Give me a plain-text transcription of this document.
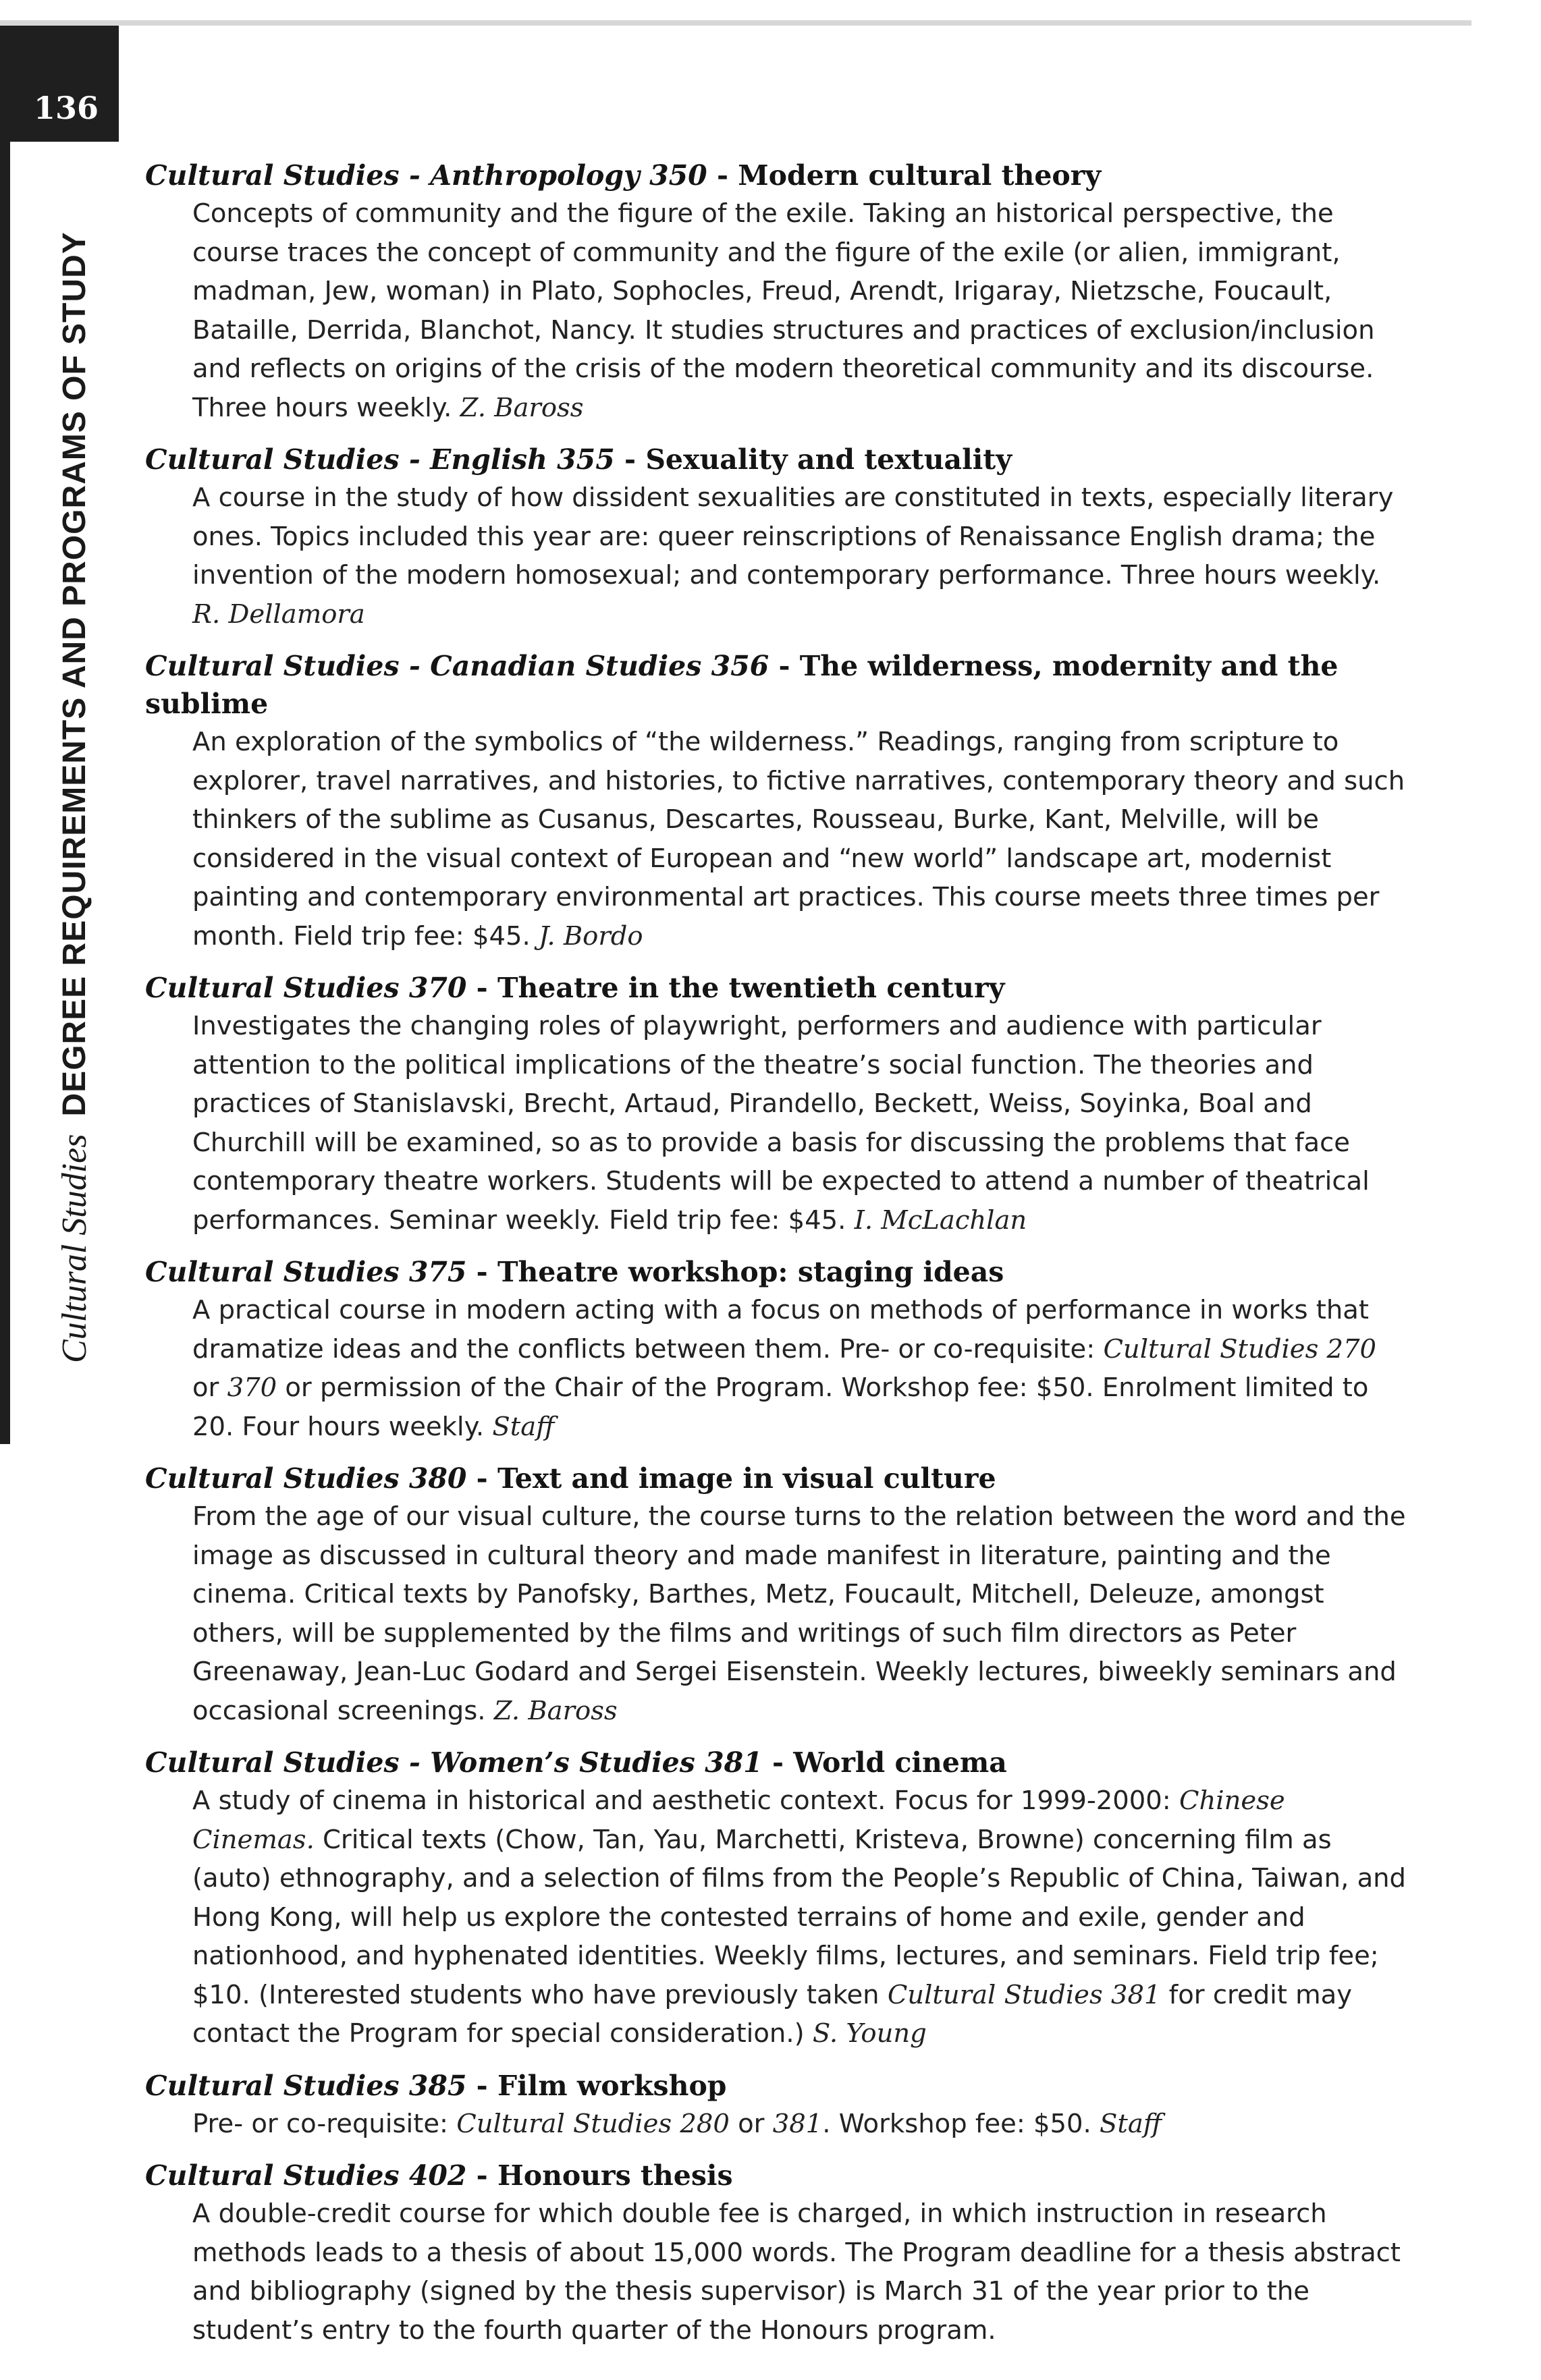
136
Cultural Studies
DEGREE REQUIREMENTS AND PROGRAMS OF STUDY
Cultural Studies - Anthropology 350 - Modern cultural theory
Concepts of community and the figure of the exile. Taking an historical perspective, the course traces the concept of community and the figure of the exile (or alien, immigrant, madman, Jew, woman) in Plato, Sophocles, Freud, Arendt, Irigaray, Nietzsche, Foucault, Bataille, Derrida, Blanchot, Nancy. It studies structures and practices of exclusion/inclusion and reflects on origins of the crisis of the modern theoretical community and its discourse. Three hours weekly. Z. Baross
Cultural Studies - English 355 - Sexuality and textuality
A course in the study of how dissident sexualities are constituted in texts, especially literary ones. Topics included this year are: queer reinscriptions of Renaissance English drama; the invention of the modern homosexual; and contemporary performance. Three hours weekly. R. Dellamora
Cultural Studies - Canadian Studies 356 - The wilderness, modernity and the sublime
An exploration of the symbolics of “the wilderness.” Readings, ranging from scripture to explorer, travel narratives, and histories, to fictive narratives, contemporary theory and such thinkers of the sublime as Cusanus, Descartes, Rousseau, Burke, Kant, Melville, will be considered in the visual context of European and “new world” landscape art, modernist painting and contemporary environmental art practices. This course meets three times per month. Field trip fee: $45. J. Bordo
Cultural Studies 370 - Theatre in the twentieth century
Investigates the changing roles of playwright, performers and audience with particular attention to the political implications of the theatre’s social function. The theories and practices of Stanislavski, Brecht, Artaud, Pirandello, Beckett, Weiss, Soyinka, Boal and Churchill will be examined, so as to provide a basis for discussing the problems that face contemporary theatre workers. Students will be expected to attend a number of theatrical performances. Seminar weekly. Field trip fee: $45. I. McLachlan
Cultural Studies 375 - Theatre workshop: staging ideas
A practical course in modern acting with a focus on methods of performance in works that dramatize ideas and the conflicts between them. Pre- or co-requisite: Cultural Studies 270 or 370 or permission of the Chair of the Program. Workshop fee: $50. Enrolment limited to 20. Four hours weekly. Staff
Cultural Studies 380 - Text and image in visual culture
From the age of our visual culture, the course turns to the relation between the word and the image as discussed in cultural theory and made manifest in literature, painting and the cinema. Critical texts by Panofsky, Barthes, Metz, Foucault, Mitchell, Deleuze, amongst others, will be supplemented by the films and writings of such film directors as Peter Greenaway, Jean-Luc Godard and Sergei Eisenstein. Weekly lectures, biweekly seminars and occasional screenings. Z. Baross
Cultural Studies - Women’s Studies 381 - World cinema
A study of cinema in historical and aesthetic context. Focus for 1999-2000: Chinese Cinemas. Critical texts (Chow, Tan, Yau, Marchetti, Kristeva, Browne) concerning film as (auto) ethnography, and a selection of films from the People’s Republic of China, Taiwan, and Hong Kong, will help us explore the contested terrains of home and exile, gender and nationhood, and hyphenated identities. Weekly films, lectures, and seminars. Field trip fee; $10. (Interested students who have previously taken Cultural Studies 381 for credit may contact the Program for special consideration.) S. Young
Cultural Studies 385 - Film workshop
Pre- or co-requisite: Cultural Studies 280 or 381. Workshop fee: $50. Staff
Cultural Studies 402 - Honours thesis
A double-credit course for which double fee is charged, in which instruction in research methods leads to a thesis of about 15,000 words. The Program deadline for a thesis abstract and bibliography (signed by the thesis supervisor) is March 31 of the year prior to the student’s entry to the fourth quarter of the Honours program.
